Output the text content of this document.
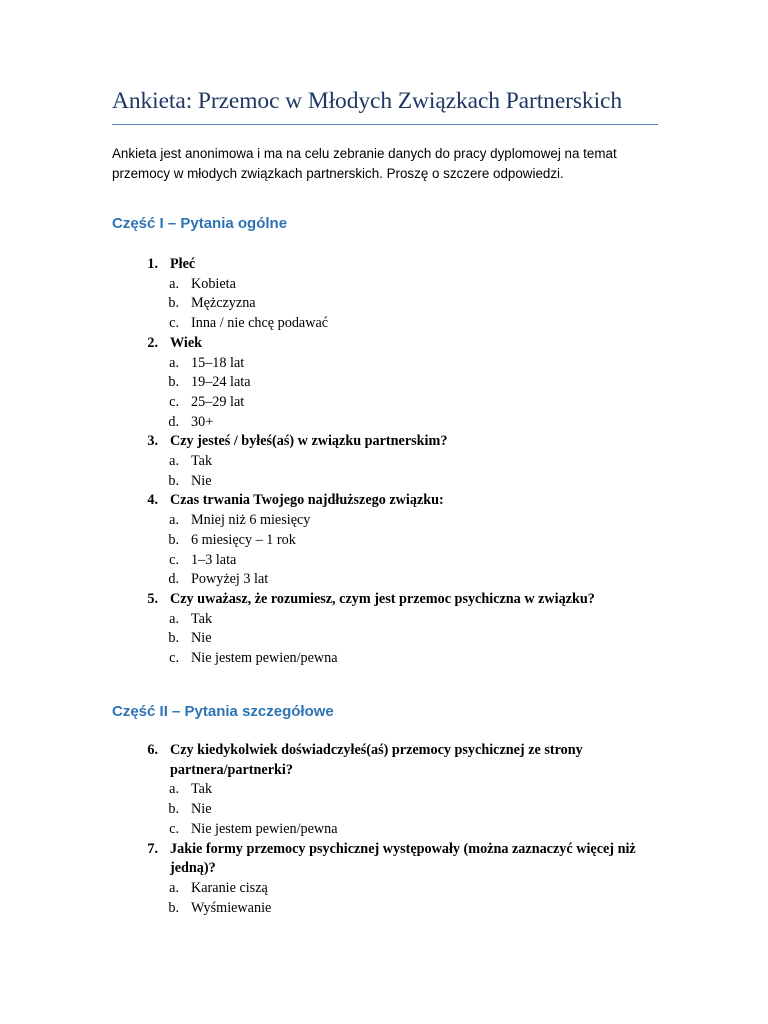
Ankieta: Przemoc w Młodych Związkach Partnerskich
Ankieta jest anonimowa i ma na celu zebranie danych do pracy dyplomowej na temat
przemocy w młodych związkach partnerskich. Proszę o szczere odpowiedzi.
Część I – Pytania ogólne
1. Płeć
a. Kobieta
b. Mężczyzna
c. Inna / nie chcę podawać
2. Wiek
a. 15–18 lat
b. 19–24 lata
c. 25–29 lat
d. 30+
3. Czy jesteś / byłeś(aś) w związku partnerskim?
a. Tak
b. Nie
4. Czas trwania Twojego najdłuższego związku:
a. Mniej niż 6 miesięcy
b. 6 miesięcy – 1 rok
c. 1–3 lata
d. Powyżej 3 lat
5. Czy uważasz, że rozumiesz, czym jest przemoc psychiczna w związku?
a. Tak
b. Nie
c. Nie jestem pewien/pewna
Część II – Pytania szczegółowe
6. Czy kiedykolwiek doświadczyłeś(aś) przemocy psychicznej ze strony
partnera/partnerki?
a. Tak
b. Nie
c. Nie jestem pewien/pewna
7. Jakie formy przemocy psychicznej występowały (można zaznaczyć więcej niż
jedną)?
a. Karanie ciszą
b. Wyśmiewanie
